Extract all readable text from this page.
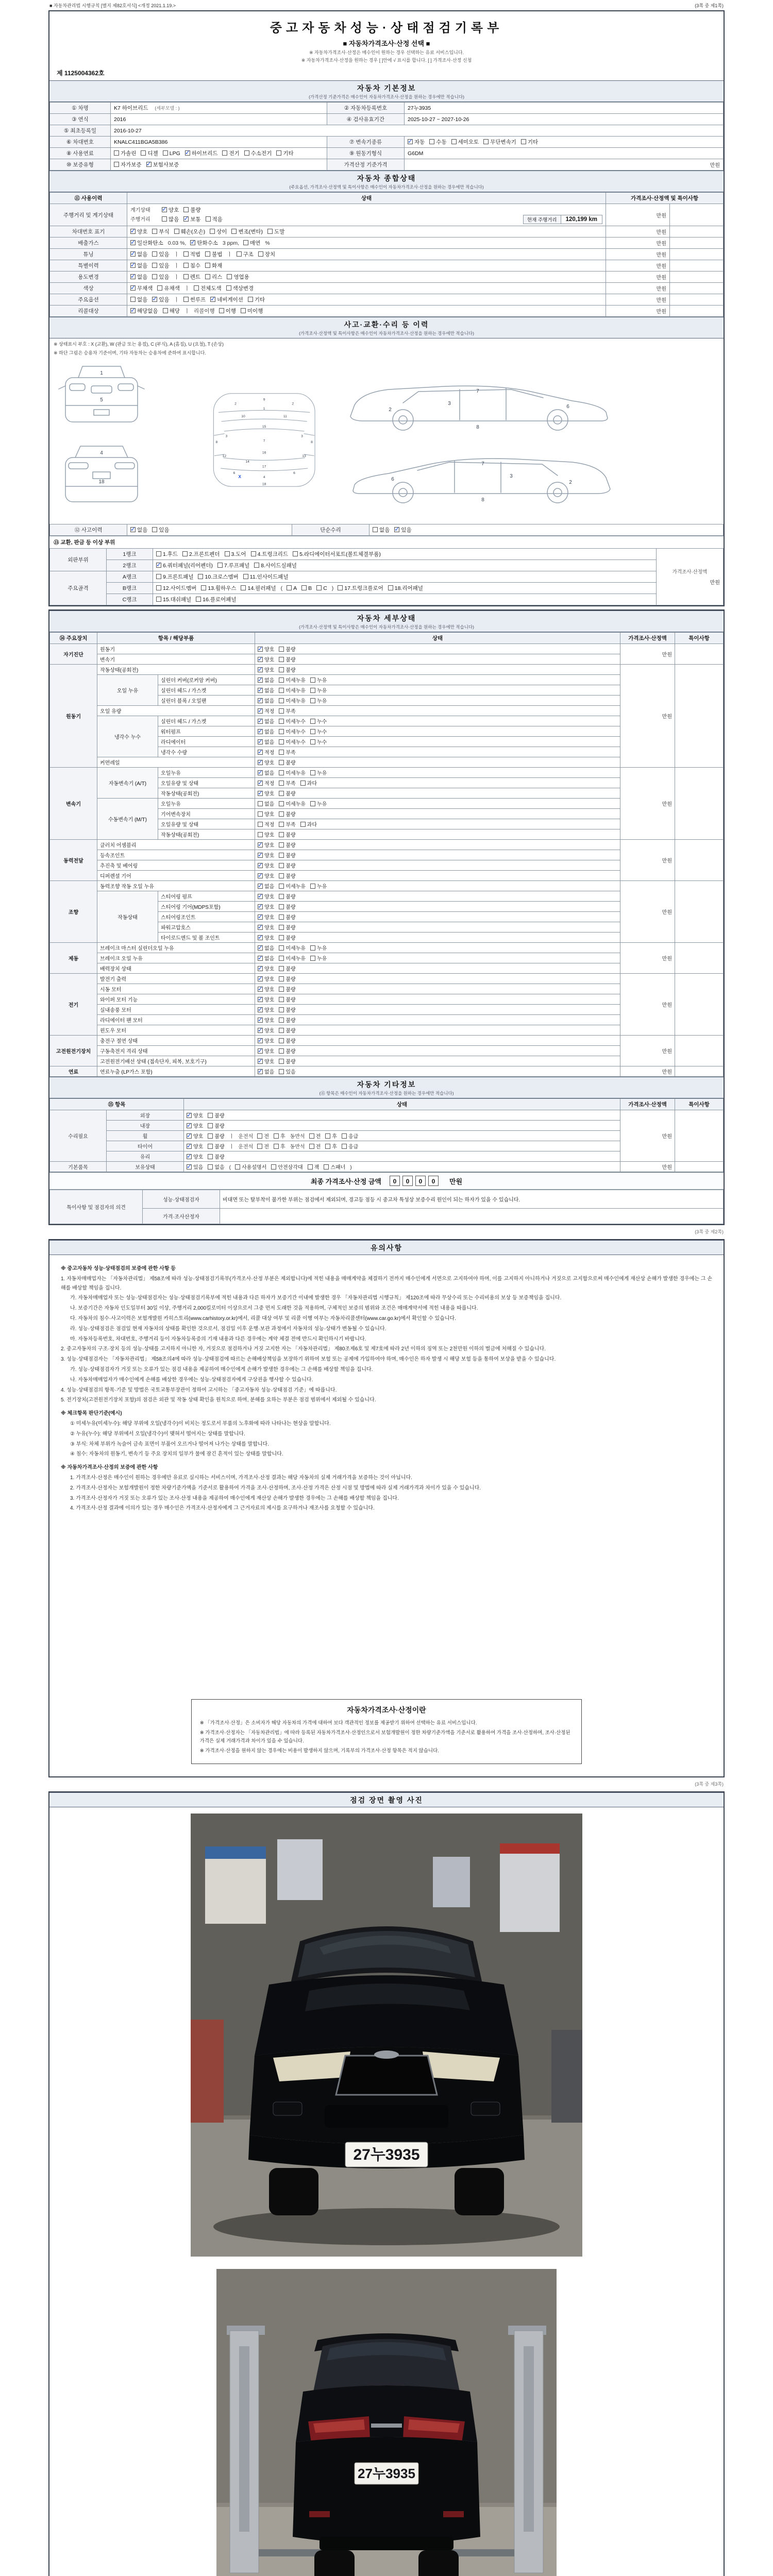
■ 자동차관리법 시행규칙 [별지 제82호서식] <개정 2021.1.19.>	(3쪽 중 제1쪽)
중고자동차성능·상태점검기록부
■ 자동차가격조사·산정 선택 ■
※ 자동차가격조사·산정은 매수인이 원하는 경우 선택하는 유료 서비스입니다.
※ 자동차가격조사·산정을 원하는 경우 [ ]안에 √ 표시를 합니다. [ ] 가격조사·산정 신청
제 1125004362호
자동차 기본정보
(가격산정 기준가격은 매수인이 자동차가격조사·산정을 원하는 경우에만 적습니다)
① 차명	K7 하이브리드 (세부모델 : )	② 자동차등록번호	27누3935
③ 연식	2016	④ 검사유효기간	2025-10-27 ~ 2027-10-26
⑤ 최초등록일	2016-10-27		
⑥ 차대번호	KNALC411BGA5B386	⑦ 변속기종류	✓자동 수동 세미오토 무단변속기 기타
⑧ 사용연료	가솔린 디젤 LPG ✓ 하이브리드 전기 수소전기 기타	⑨ 원동기형식	G6DM
⑩ 보증유형	자가보증 ✓ 보험사보증	가격산정 기준가격	만원
자동차 종합상태
(주요옵션, 가격조사·산정액 및 특이사항은 매수인이 자동차가격조사·산정을 원하는 경우에만 적습니다)
⑪ 사용이력	상태	가격조사·산정액 및 특이사항	
주행거리 및 계기상태	계기상태 ✓ 양호 불량
주행거리 많음 ✓ 보통 적음 현재 주행거리 120,199 km	만원	
차대번호 표기	✓양호 부식 훼손(오손) 상이 변조(변타) 도말	만원	
배출가스	✓일산화탄소 0.03 %, ✓ 탄화수소 3 ppm, 매연 %	만원	
튜닝	✓없음 있음 ㅣ 적법 불법 ㅣ 구조 장치	만원	
특별이력	✓없음 있음 ㅣ 침수 화재	만원	
용도변경	✓없음 있음 ㅣ 렌트 리스 영업용	만원	
색상	✓무채색 유채색 ㅣ 전체도색 색상변경	만원	
주요옵션	없음 ✓ 있음 ㅣ 썬루프 ✓ 네비게이션 기타	만원	
리콜대상	✓해당없음 해당 ㅣ 리콜이행 이행 미이행	만원	
사고·교환·수리 등 이력
(가격조사·산정액 및 특이사항은 매수인이 자동차가격조사·산정을 원하는 경우에만 적습니다)
※ 상태표시 부호 : X (교환), W (판금 또는 용접), C (부식), A (흠집), U (요철), T (손상)
※ 하단 그림은 승용차 기준이며, 기타 자동차는 승용차에 준하여 표시합니다.
1
5

4
18
9
1
2	2
10	11
15
3	3
7
8	8
12	13
14
16
17
6	6
4
18
X
2
3
6
7
8

2
3
6
7
8
⑫ 사고이력	✓없음 있음	단순수리	없음 ✓ 있음
⑬ 교환, 판금 등 이상 부위
외판부위	1랭크	1.후드 2.프론트펜더 3.도어 4.트렁크리드 5.라디에이터서포트(볼트체결부품)	가격조사·산정액
만원

	2랭크	✓6.쿼터패널(리어펜더) 7.루프패널 8.사이드실패널
주요골격	A랭크	9.프론트패널 10.크로스멤버 11.인사이드패널	
	B랭크	12.사이드멤버 13.휠하우스 14.필러패널 ( A B C ) 17.트렁크플로어 18.리어패널	
	C랭크	15.대쉬패널 16.플로어패널	
자동차 세부상태
(가격조사·산정액 및 특이사항은 매수인이 자동차가격조사·산정을 원하는 경우에만 적습니다)
⑭ 주요장치	항목 / 해당부품		상태	가격조사·산정액	특이사항
자기진단	원동기	✓양호 불량	만원	
	변속기	✓양호 불량
원동기	작동상태(공회전)	✓양호 불량	만원	
	오일 누유	실린더 커버(로커암 커버)	✓없음 미세누유 누유
		실린더 헤드 / 가스켓	✓없음 미세누유 누유
		실린더 블록 / 오일팬	✓없음 미세누유 누유
	오일 유량	✓적정 부족
	냉각수 누수	실린더 헤드 / 가스켓	✓없음 미세누수 누수
		워터펌프	✓없음 미세누수 누수
		라디에이터	✓없음 미세누수 누수
		냉각수 수량	✓적정 부족
	커먼레일	✓양호 불량
변속기	자동변속기 (A/T)	오일누유	✓없음 미세누유 누유	만원	
		오일유량 및 상태	✓적정 부족 과다
		작동상태(공회전)	✓양호 불량
	수동변속기 (M/T)	오일누유	없음 미세누유 누유		
		기어변속장치	양호 불량		
		오일유량 및 상태	적정 부족 과다		
		작동상태(공회전)	양호 불량		
동력전달	클러치 어셈블리	✓양호 불량	만원	
	등속조인트	✓양호 불량
	추진축 및 베어링	✓양호 불량
	디퍼렌셜 기어	✓양호 불량
조향	동력조향 작동 오일 누유	✓없음 미세누유 누유	만원	
	작동상태	스티어링 펌프	✓양호 불량
		스티어링 기어(MDPS포함)	✓양호 불량
		스티어링조인트	✓양호 불량
		파워고압호스	✓양호 불량
		타이로드엔드 및 볼 조인트	✓양호 불량
제동	브레이크 마스터 실린더오일 누유	✓없음 미세누유 누유	만원	
	브레이크 오일 누유	✓없음 미세누유 누유
	배력장치 상태	✓양호 불량
전기	발전기 출력	✓양호 불량	만원	
	시동 모터	✓양호 불량
	와이퍼 모터 기능	✓양호 불량
	실내송풍 모터	✓양호 불량
	라디에이터 팬 모터	✓양호 불량
	윈도우 모터	✓양호 불량
고전원전기장치	충전구 절연 상태	✓양호 불량	만원	
	구동축전지 격리 상태	✓양호 불량
	고전원전기배선 상태 (접속단자, 피복, 보호기구)	✓양호 불량
연료	연료누출 (LP가스 포함)	✓없음 있음	만원	
자동차 기타정보
(⑮ 항목은 매수인이 자동차가격조사·산정을 원하는 경우에만 적습니다)
⑮ 항목		상태	가격조사·산정액	특이사항
수리필요	외장	✓양호 불량	만원	
	내장	✓양호 불량
	휠	✓양호 불량 ㅣ 운전석 전 후 동반석 전 후 응급
	타이어	✓양호 불량 ㅣ 운전석 전 후 동반석 전 후 응급
	유리	✓양호 불량
기본품목	보유상태	✓있음 없음 ( 사용설명서 안전삼각대 잭 스패너 )	만원	
최종 가격조사·산정 금액	0 0 0 0	만원
특이사항 및 점검자의 의견	성능·상태점검자	비대면 또는 탈부착이 불가한 부위는 점검에서 제외되며, 경고등 점등 시 중고차 특성상 보증수리 원인이 되는 하자가 있을 수 있습니다.
	가격·조사산정자	
(3쪽 중 제2쪽)
유의사항
※ 중고자동차 성능·상태점검의 보증에 관한 사항 등
1. 자동차매매업자는 「자동차관리법」 제58조에 따라 성능·상태점검기록부(가격조사·산정 부분은 제외합니다)에 적힌 내용을 매매계약을 체결하기 전까지 매수인에게 서면으로 고지하여야 하며, 이를 고지하지 아니하거나 거짓으로 고지함으로써 매수인에게 재산상 손해가 발생한 경우에는 그 손해를 배상할 책임을 집니다.
가. 자동차매매업자 또는 성능·상태점검자는 성능·상태점검기록부에 적힌 내용과 다른 하자가 보증기간 이내에 발생한 경우 「자동차관리법 시행규칙」 제120조에 따라 무상수리 또는 수리비용의 보상 등 보증책임을 집니다.
나. 보증기간은 자동차 인도일부터 30일 이상, 주행거리 2,000킬로미터 이상으로서 그중 먼저 도래한 것을 적용하며, 구체적인 보증의 범위와 조건은 매매계약서에 적힌 내용을 따릅니다.
다. 자동차의 침수·사고이력은 보험개발원 카히스토리(www.carhistory.or.kr)에서, 리콜 대상 여부 및 리콜 이행 여부는 자동차리콜센터(www.car.go.kr)에서 확인할 수 있습니다.
라. 성능·상태점검은 점검일 현재 자동차의 상태를 확인한 것으로서, 점검일 이후 운행·보관 과정에서 자동차의 성능·상태가 변동될 수 있습니다.
마. 자동차등록번호, 차대번호, 주행거리 등이 자동차등록증의 기재 내용과 다른 경우에는 계약 체결 전에 반드시 확인하시기 바랍니다.
2. 중고자동차의 구조·장치 등의 성능·상태를 고지하지 아니한 자, 거짓으로 점검하거나 거짓 고지한 자는 「자동차관리법」 제80조제6호 및 제7호에 따라 2년 이하의 징역 또는 2천만원 이하의 벌금에 처해질 수 있습니다.
3. 성능·상태점검자는 「자동차관리법」 제58조의4에 따라 성능·상태점검에 따르는 손해배상책임을 보장하기 위하여 보험 또는 공제에 가입하여야 하며, 매수인은 하자 발생 시 해당 보험 등을 통하여 보상을 받을 수 있습니다.
가. 성능·상태점검자가 거짓 또는 오류가 있는 점검 내용을 제공하여 매수인에게 손해가 발생한 경우에는 그 손해를 배상할 책임을 집니다.
나. 자동차매매업자가 매수인에게 손해를 배상한 경우에는 성능·상태점검자에게 구상권을 행사할 수 있습니다.
4. 성능·상태점검의 항목·기준 및 방법은 국토교통부장관이 정하여 고시하는 「중고자동차 성능·상태점검 기준」에 따릅니다.
5. 전기장치(고전원전기장치 포함)의 점검은 외관 및 작동 상태 확인을 원칙으로 하며, 분해를 요하는 부분은 점검 범위에서 제외될 수 있습니다.
※ 체크항목 판단기준(예시)
① 미세누유(미세누수): 해당 부위에 오일(냉각수)이 비치는 정도로서 부품의 노후화에 따라 나타나는 현상을 말합니다.
② 누유(누수): 해당 부위에서 오일(냉각수)이 맺혀서 떨어지는 상태를 말합니다.
③ 부식: 차체 부위가 녹슬어 금속 표면이 부풀어 오르거나 떨어져 나가는 상태를 말합니다.
④ 침수: 자동차의 원동기, 변속기 등 주요 장치의 일부가 물에 잠긴 흔적이 있는 상태를 말합니다.
※ 자동차가격조사·산정의 보증에 관한 사항
1. 가격조사·산정은 매수인이 원하는 경우에만 유료로 실시하는 서비스이며, 가격조사·산정 결과는 해당 자동차의 실제 거래가격을 보증하는 것이 아닙니다.
2. 가격조사·산정자는 보험개발원이 정한 차량기준가액을 기준서로 활용하여 가격을 조사·산정하며, 조사·산정 가격은 산정 시점 및 방법에 따라 실제 거래가격과 차이가 있을 수 있습니다.
3. 가격조사·산정자가 거짓 또는 오류가 있는 조사·산정 내용을 제공하여 매수인에게 재산상 손해가 발생한 경우에는 그 손해를 배상할 책임을 집니다.
4. 가격조사·산정 결과에 이의가 있는 경우 매수인은 가격조사·산정자에게 그 근거자료의 제시를 요구하거나 재조사를 요청할 수 있습니다.
자동차가격조사·산정이란
※ 「가격조사·산정」은 소비자가 해당 자동차의 가격에 대하여 보다 객관적인 정보를 제공받기 위하여 선택하는 유료 서비스입니다.
※ 가격조사·산정자는 「자동차관리법」에 따라 등록된 자동차가격조사·산정인으로서 보험개발원이 정한 차량기준가액을 기준서로 활용하여 가격을 조사·산정하며, 조사·산정된 가격은 실제 거래가격과 차이가 있을 수 있습니다.
※ 가격조사·산정을 원하지 않는 경우에는 비용이 발생하지 않으며, 기록부의 가격조사·산정 항목은 적지 않습니다.
(3쪽 중 제3쪽)
점검 장면 촬영 사진
27누3935
27누3935
